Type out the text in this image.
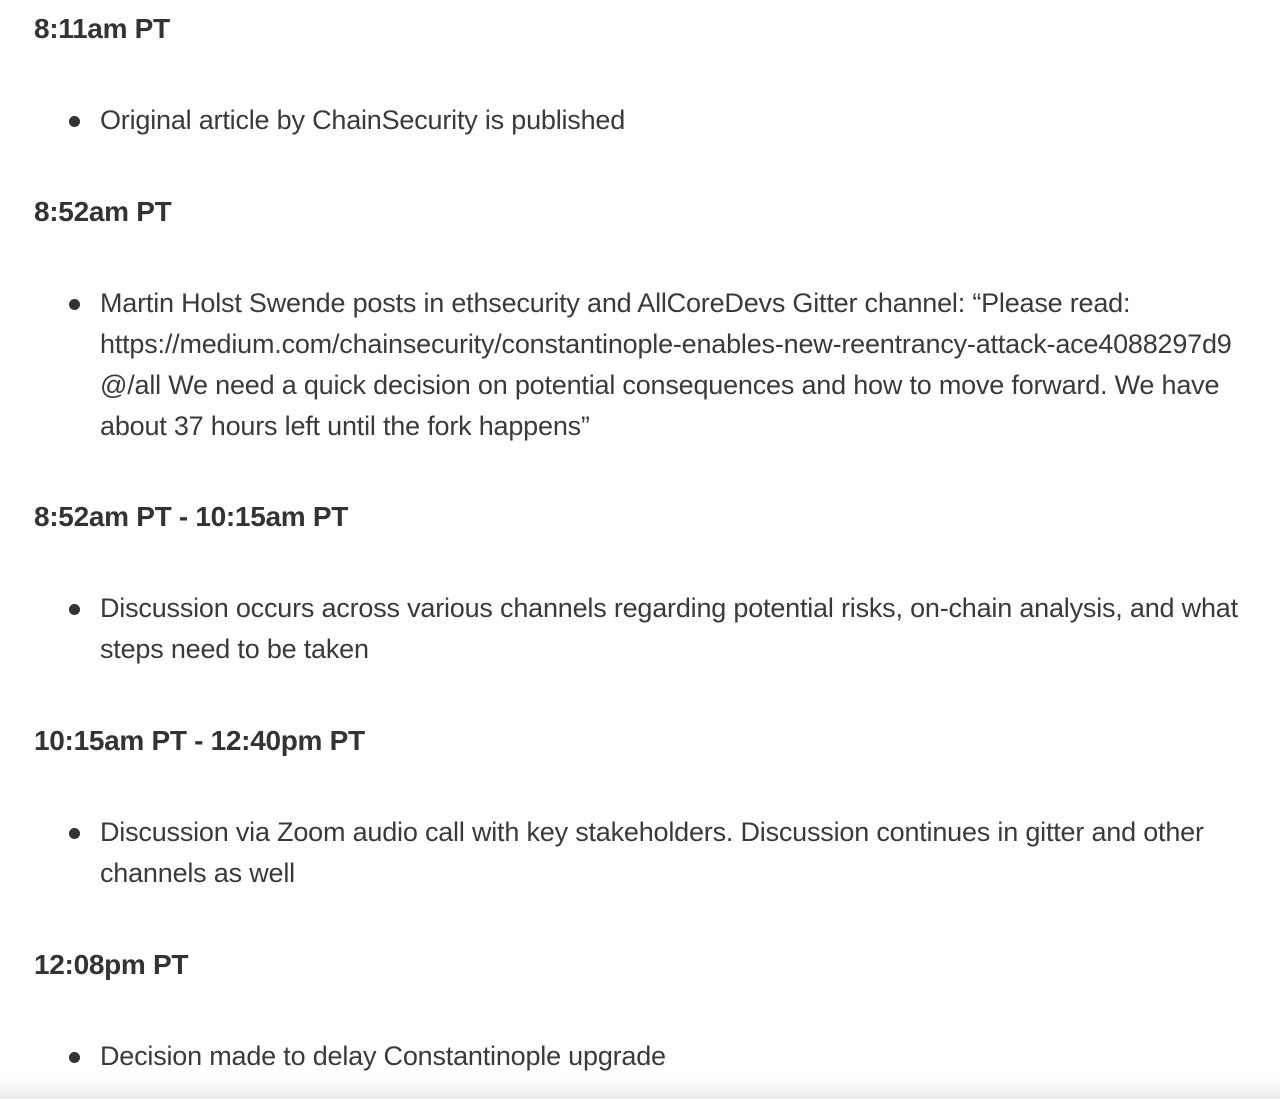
8:11am PT
Original article by ChainSecurity is published
8:52am PT
Martin Holst Swende posts in ethsecurity and AllCoreDevs Gitter channel: “Please read: https://medium.com/chainsecurity/constantinople-enables-new-reentrancy-attack-ace4088297d9 @/all We need a quick decision on potential consequences and how to move forward. We have about 37 hours left until the fork happens”
8:52am PT - 10:15am PT
Discussion occurs across various channels regarding potential risks, on-chain analysis, and what steps need to be taken
10:15am PT - 12:40pm PT
Discussion via Zoom audio call with key stakeholders. Discussion continues in gitter and other channels as well
12:08pm PT
Decision made to delay Constantinople upgrade
